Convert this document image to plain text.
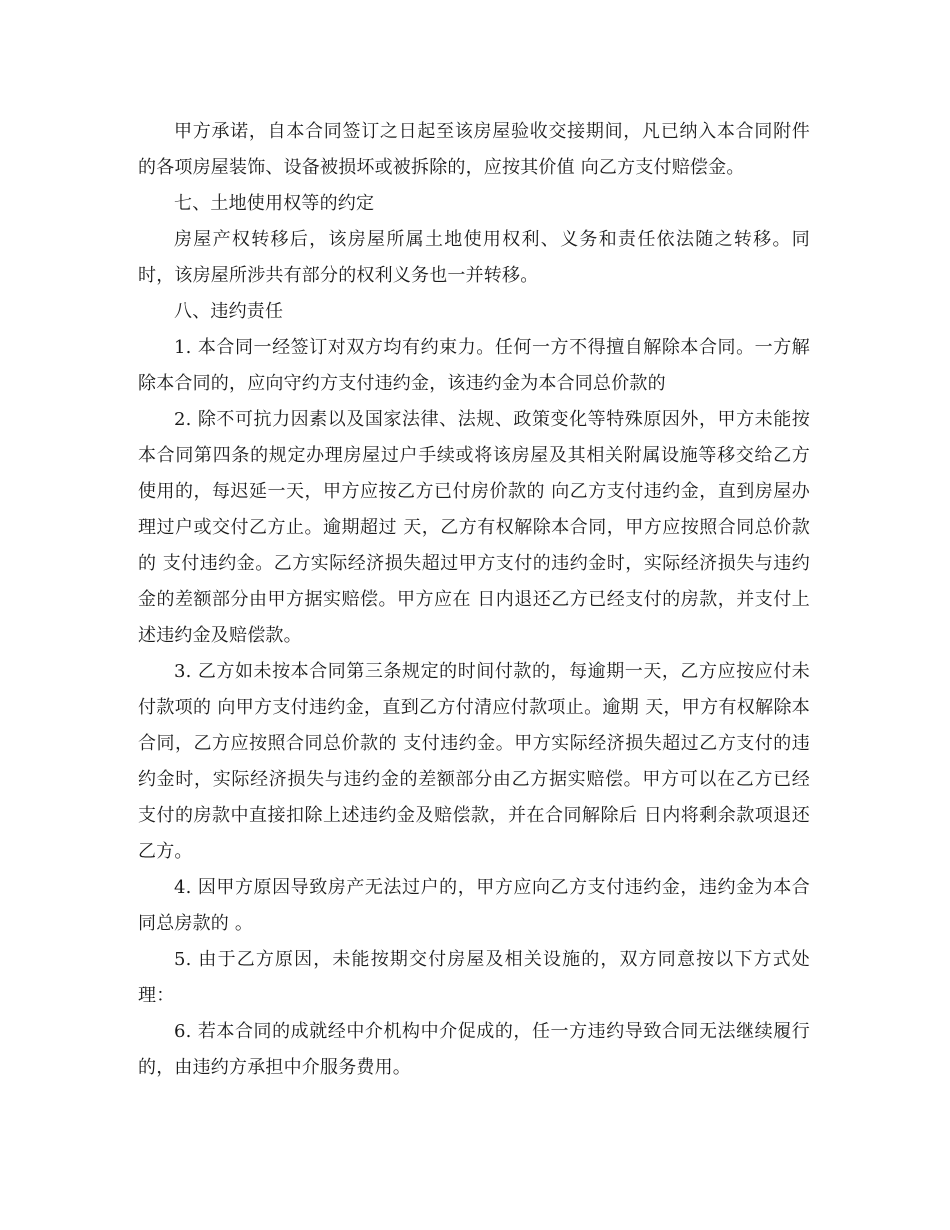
甲方承诺，自本合同签订之日起至该房屋验收交接期间，凡已纳入本合同附件的各项房屋装饰、设备被损坏或被拆除的，应按其价值 向乙方支付赔偿金。

七、土地使用权等的约定

房屋产权转移后，该房屋所属土地使用权利、义务和责任依法随之转移。同时，该房屋所涉共有部分的权利义务也一并转移。

八、违约责任

1. 本合同一经签订对双方均有约束力。任何一方不得擅自解除本合同。一方解除本合同的，应向守约方支付违约金，该违约金为本合同总价款的

2. 除不可抗力因素以及国家法律、法规、政策变化等特殊原因外，甲方未能按本合同第四条的规定办理房屋过户手续或将该房屋及其相关附属设施等移交给乙方使用的，每迟延一天，甲方应按乙方已付房价款的 向乙方支付违约金，直到房屋办理过户或交付乙方止。逾期超过 天，乙方有权解除本合同，甲方应按照合同总价款的 支付违约金。乙方实际经济损失超过甲方支付的违约金时，实际经济损失与违约金的差额部分由甲方据实赔偿。甲方应在 日内退还乙方已经支付的房款，并支付上述违约金及赔偿款。

3. 乙方如未按本合同第三条规定的时间付款的，每逾期一天，乙方应按应付未付款项的 向甲方支付违约金，直到乙方付清应付款项止。逾期 天，甲方有权解除本合同，乙方应按照合同总价款的 支付违约金。甲方实际经济损失超过乙方支付的违约金时，实际经济损失与违约金的差额部分由乙方据实赔偿。甲方可以在乙方已经支付的房款中直接扣除上述违约金及赔偿款，并在合同解除后 日内将剩余款项退还乙方。

4. 因甲方原因导致房产无法过户的，甲方应向乙方支付违约金，违约金为本合同总房款的 。

5. 由于乙方原因，未能按期交付房屋及相关设施的，双方同意按以下方式处理：

6. 若本合同的成就经中介机构中介促成的，任一方违约导致合同无法继续履行的，由违约方承担中介服务费用。
